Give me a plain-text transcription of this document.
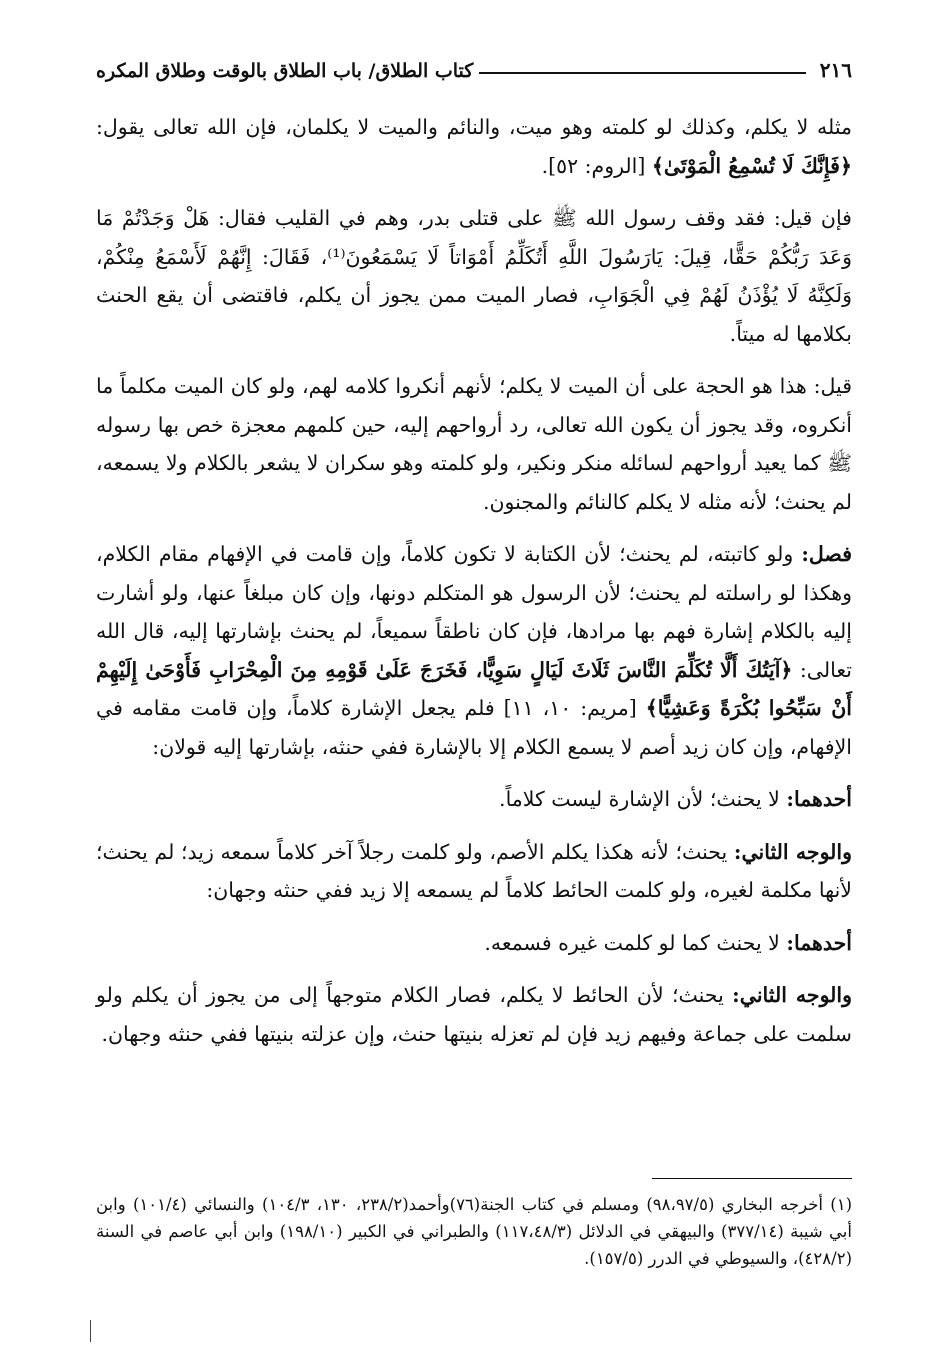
٢١٦
كتاب الطلاق/ باب الطلاق بالوقت وطلاق المكره

مثله لا يكلم، وكذلك لو كلمته وهو ميت، والنائم والميت لا يكلمان، فإن الله تعالى يقول: ﴿فَإِنَّكَ لَا تُسْمِعُ الْمَوْتَىٰ﴾ [الروم: ٥٢].

فإن قيل: فقد وقف رسول الله ﷺ على قتلى بدر، وهم في القليب فقال: هَلْ وَجَدْتُمْ مَا وَعَدَ رَبُّكُمْ حَقًّا، قِيلَ: يَارَسُولَ اللَّهِ أَتُكَلِّمُ أَمْوَاتاً لَا يَسْمَعُونَ⁽¹⁾، فَقَالَ: إِنَّهُمْ لَأَسْمَعُ مِنْكُمْ، وَلَكِنَّهُ لَا يُؤْذَنُ لَهُمْ فِي الْجَوَابِ، فصار الميت ممن يجوز أن يكلم، فاقتضى أن يقع الحنث بكلامها له ميتاً.

قيل: هذا هو الحجة على أن الميت لا يكلم؛ لأنهم أنكروا كلامه لهم، ولو كان الميت مكلماً ما أنكروه، وقد يجوز أن يكون الله تعالى، رد أرواحهم إليه، حين كلمهم معجزة خص بها رسوله ﷺ كما يعيد أرواحهم لسائله منكر ونكير، ولو كلمته وهو سكران لا يشعر بالكلام ولا يسمعه، لم يحنث؛ لأنه مثله لا يكلم كالنائم والمجنون.

فصل: ولو كاتبته، لم يحنث؛ لأن الكتابة لا تكون كلاماً، وإن قامت في الإفهام مقام الكلام، وهكذا لو راسلته لم يحنث؛ لأن الرسول هو المتكلم دونها، وإن كان مبلغاً عنها، ولو أشارت إليه بالكلام إشارة فهم بها مرادها، فإن كان ناطقاً سميعاً، لم يحنث بإشارتها إليه، قال الله تعالى: ﴿آيَتُكَ أَلَّا تُكَلِّمَ النَّاسَ ثَلَاثَ لَيَالٍ سَوِيًّا، فَخَرَجَ عَلَىٰ قَوْمِهِ مِنَ الْمِحْرَابِ فَأَوْحَىٰ إِلَيْهِمْ أَنْ سَبِّحُوا بُكْرَةً وَعَشِيًّا﴾ [مريم: ١٠، ١١] فلم يجعل الإشارة كلاماً، وإن قامت مقامه في الإفهام، وإن كان زيد أصم لا يسمع الكلام إلا بالإشارة ففي حنثه، بإشارتها إليه قولان:

أحدهما: لا يحنث؛ لأن الإشارة ليست كلاماً.

والوجه الثاني: يحنث؛ لأنه هكذا يكلم الأصم، ولو كلمت رجلاً آخر كلاماً سمعه زيد؛ لم يحنث؛ لأنها مكلمة لغيره، ولو كلمت الحائط كلاماً لم يسمعه إلا زيد ففي حنثه وجهان:

أحدهما: لا يحنث كما لو كلمت غيره فسمعه.

والوجه الثاني: يحنث؛ لأن الحائط لا يكلم، فصار الكلام متوجهاً إلى من يجوز أن يكلم ولو سلمت على جماعة وفيهم زيد فإن لم تعزله بنيتها حنث، وإن عزلته بنيتها ففي حنثه وجهان.

(١) أخرجه البخاري (٩٨،٩٧/٥) ومسلم في كتاب الجنة(٧٦)وأحمد(٢٣٨/٢، ١٣٠، ١٠٤/٣) والنسائي (١٠١/٤) وابن أبي شيبة (٣٧٧/١٤) والبيهقي في الدلائل (١١٧،٤٨/٣) والطبراني في الكبير (١٩٨/١٠) وابن أبي عاصم في السنة (٤٢٨/٢)، والسيوطي في الدرر (١٥٧/٥).
